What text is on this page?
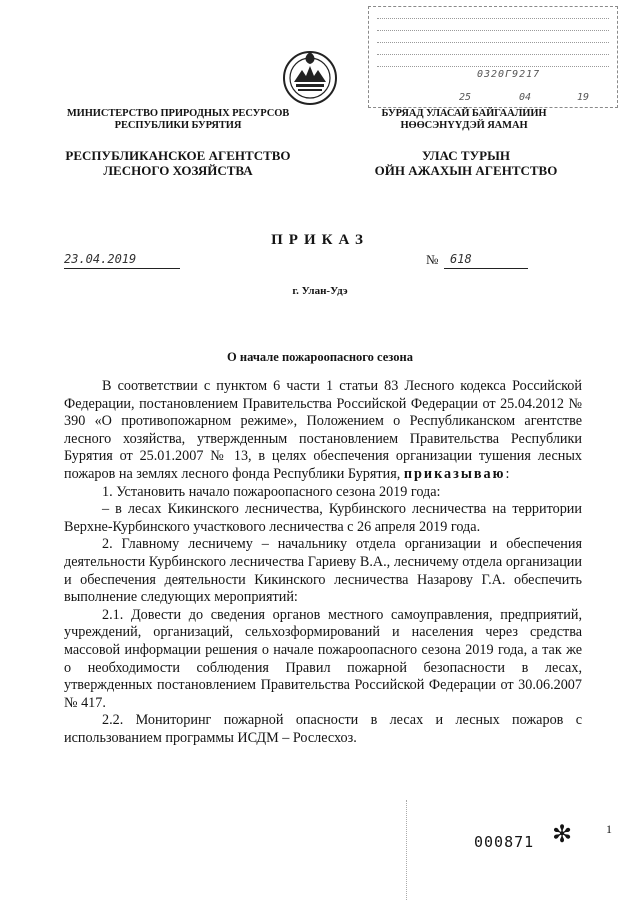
0320Г9217
25	04	19
МИНИСТЕРСТВО ПРИРОДНЫХ РЕСУРСОВ
РЕСПУБЛИКИ БУРЯТИЯ
РЕСПУБЛИКАНСКОЕ АГЕНТСТВО
ЛЕСНОГО ХОЗЯЙСТВА
БУРЯАД УЛАСАЙ БАЙГААЛИИН
НӨӨСЭНҮҮДЭЙ ЯАМАН
УЛАС ТУРЫН
ОЙН АЖАХЫН АГЕНТСТВО
ПРИКАЗ
23.04.2019	№ 618
г. Улан-Удэ
О начале пожароопасного сезона

В соответствии с пунктом 6 части 1 статьи 83 Лесного кодекса Российской Федерации, постановлением Правительства Российской Федерации от 25.04.2012 № 390 «О противопожарном режиме», Положением о Республиканском агентстве лесного хозяйства, утвержденным постановлением Правительства Республики Бурятия от 25.01.2007 № 13, в целях обеспечения организации тушения лесных пожаров на землях лесного фонда Республики Бурятия, приказываю:

1. Установить начало пожароопасного сезона 2019 года:

– в лесах Кикинского лесничества, Курбинского лесничества на территории Верхне-Курбинского участкового лесничества с 26 апреля 2019 года.

2. Главному лесничему – начальнику отдела организации и обеспечения деятельности Курбинского лесничества Гариеву В.А., лесничему отдела организации и обеспечения деятельности Кикинского лесничества Назарову Г.А. обеспечить выполнение следующих мероприятий:

2.1. Довести до сведения органов местного самоуправления, предприятий, учреждений, организаций, сельхозформирований и населения через средства массовой информации решения о начале пожароопасного сезона 2019 года, а так же о необходимости соблюдения Правил пожарной безопасности в лесах, утвержденных постановлением Правительства Российской Федерации от 30.06.2007 № 417.

2.2. Мониторинг пожарной опасности в лесах и лесных пожаров с использованием программы ИСДМ – Рослесхоз.

000871 ✻	1
